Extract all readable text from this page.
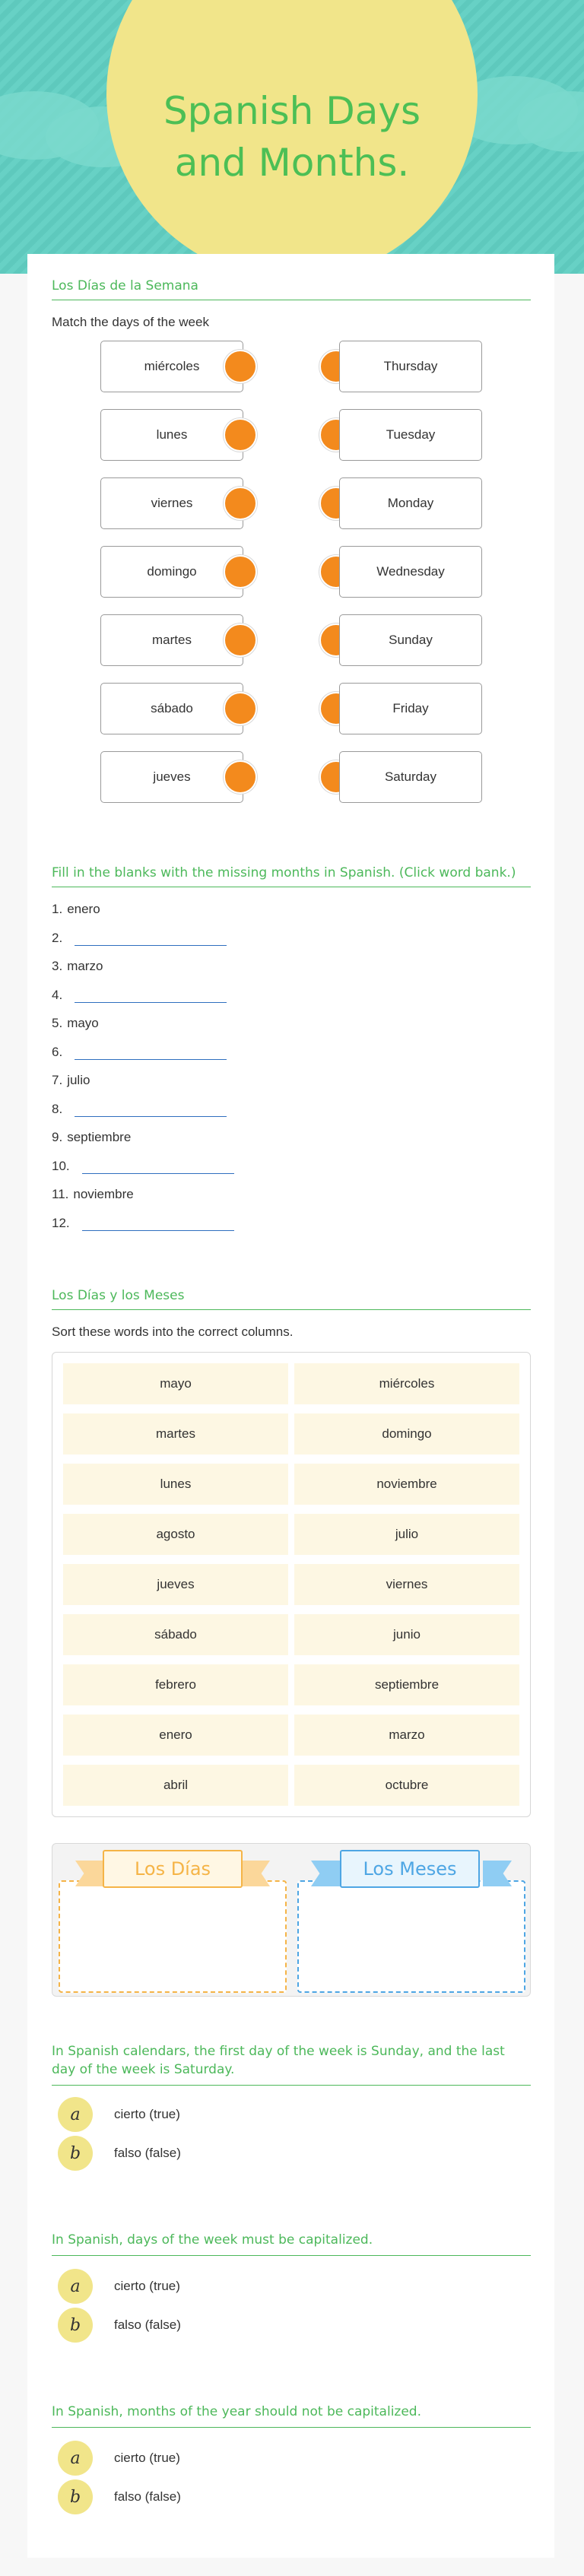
Spanish Days and Months.
Los Días de la Semana
Match the days of the week
miércoles	Thursday
lunes	Tuesday
viernes	Monday
domingo	Wednesday
martes	Sunday
sábado	Friday
jueves	Saturday
Fill in the blanks with the missing months in Spanish. (Click word bank.)
1. enero
2.
3. marzo
4.
5. mayo
6.
7. julio
8.
9. septiembre
10.
11. noviembre
12.
Los Días y los Meses
Sort these words into the correct columns.
mayo	miércoles
martes	domingo
lunes	noviembre
agosto	julio
jueves	viernes
sábado	junio
febrero	septiembre
enero	marzo
abril	octubre
Los Días	Los Meses
In Spanish calendars, the first day of the week is Sunday, and the last day of the week is Saturday.
a	cierto (true)
b	falso (false)
In Spanish, days of the week must be capitalized.
a	cierto (true)
b	falso (false)
In Spanish, months of the year should not be capitalized.
a	cierto (true)
b	falso (false)
